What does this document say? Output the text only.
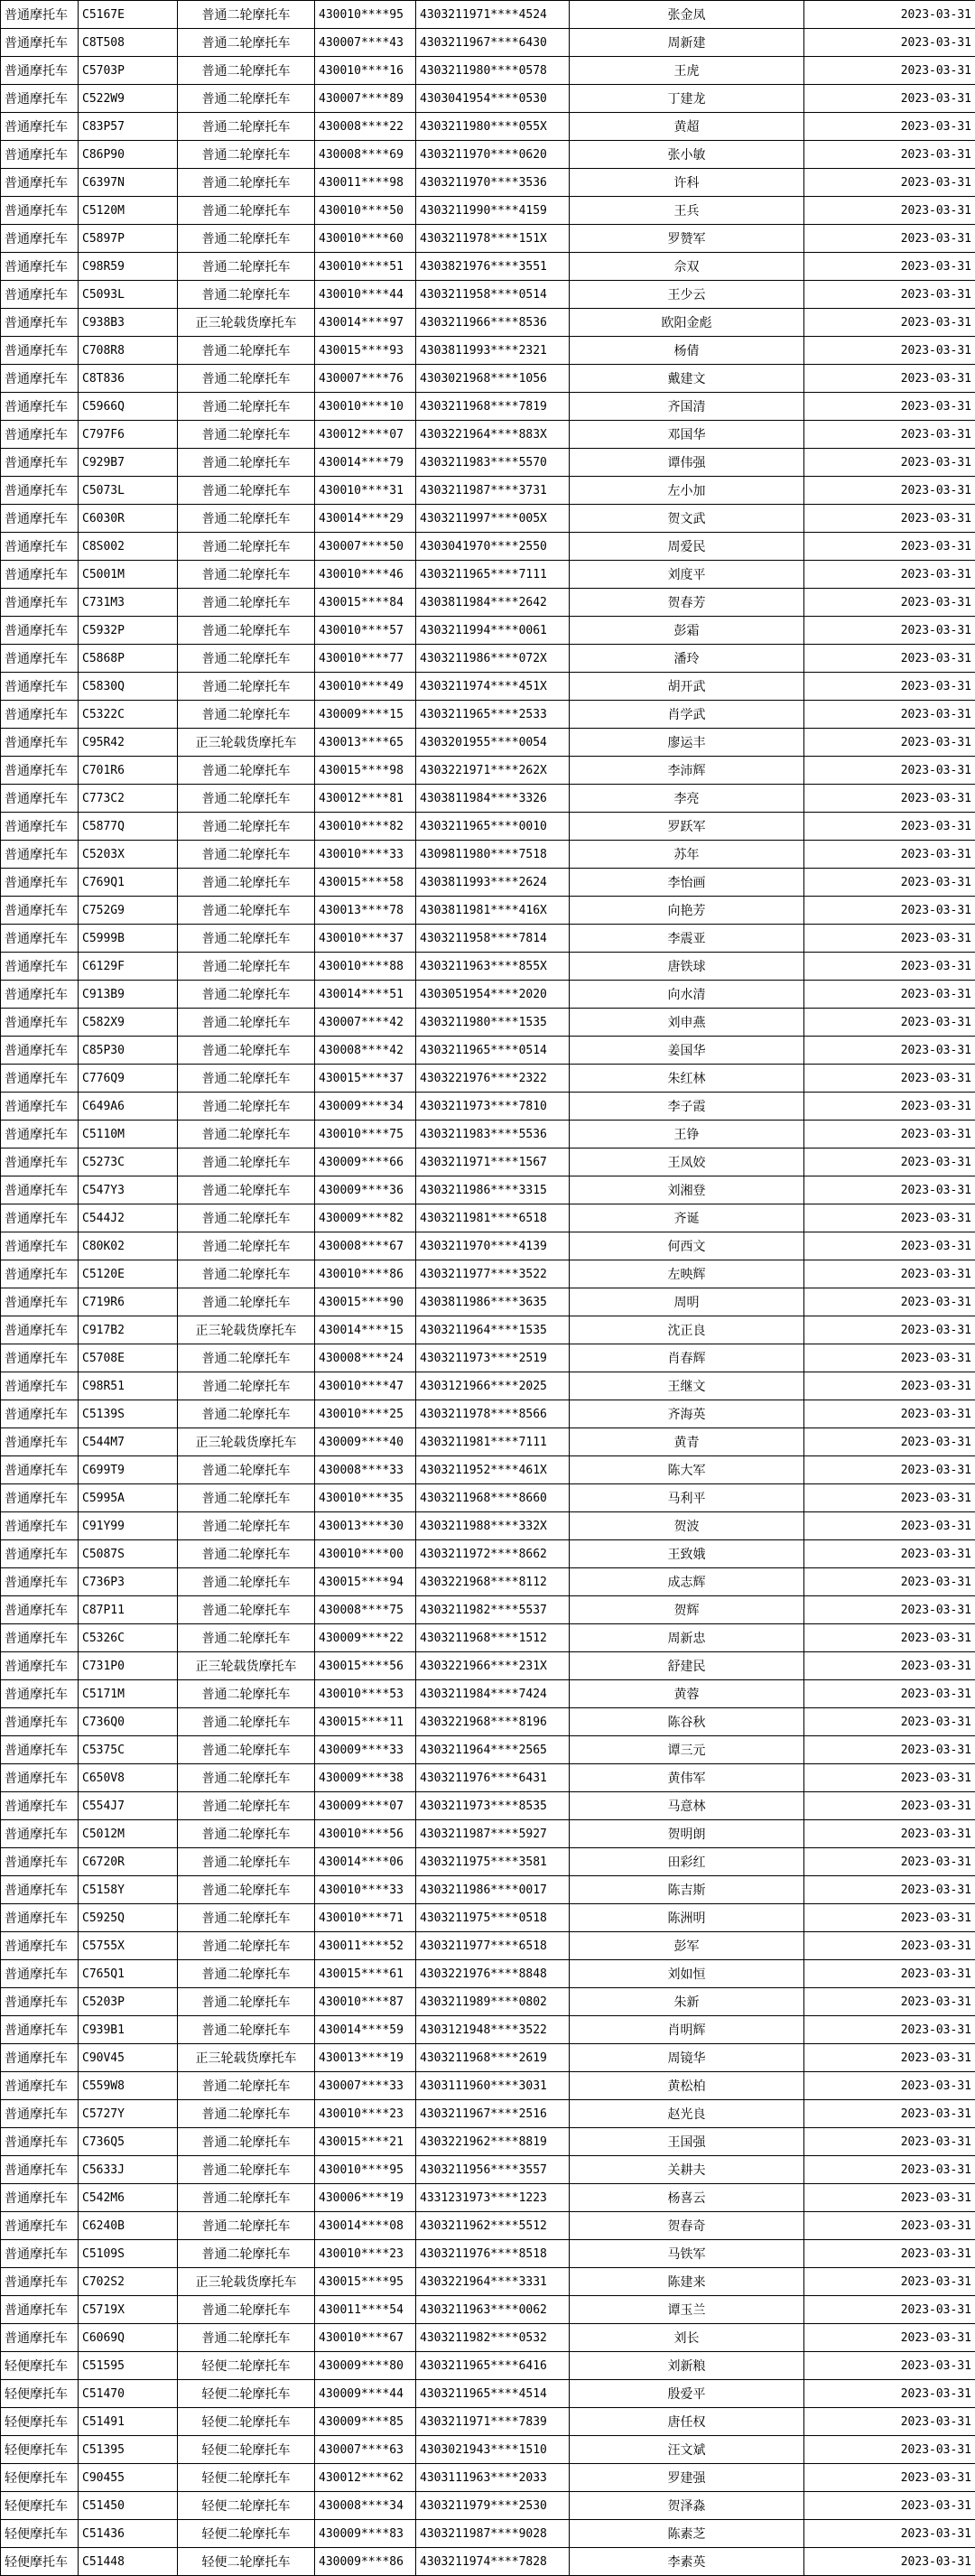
普通摩托车	C5167E	普通二轮摩托车	430010****95	4303211971****4524	张金凤	2023-03-31
普通摩托车	C8T508	普通二轮摩托车	430007****43	4303211967****6430	周新建	2023-03-31
普通摩托车	C5703P	普通二轮摩托车	430010****16	4303211980****0578	王虎	2023-03-31
普通摩托车	C522W9	普通二轮摩托车	430007****89	4303041954****0530	丁建龙	2023-03-31
普通摩托车	C83P57	普通二轮摩托车	430008****22	4303211980****055X	黄超	2023-03-31
普通摩托车	C86P90	普通二轮摩托车	430008****69	4303211970****0620	张小敏	2023-03-31
普通摩托车	C6397N	普通二轮摩托车	430011****98	4303211970****3536	许科	2023-03-31
普通摩托车	C5120M	普通二轮摩托车	430010****50	4303211990****4159	王兵	2023-03-31
普通摩托车	C5897P	普通二轮摩托车	430010****60	4303211978****151X	罗赞军	2023-03-31
普通摩托车	C98R59	普通二轮摩托车	430010****51	4303821976****3551	佘双	2023-03-31
普通摩托车	C5093L	普通二轮摩托车	430010****44	4303211958****0514	王少云	2023-03-31
普通摩托车	C938B3	正三轮载货摩托车	430014****97	4303211966****8536	欧阳金彪	2023-03-31
普通摩托车	C708R8	普通二轮摩托车	430015****93	4303811993****2321	杨倩	2023-03-31
普通摩托车	C8T836	普通二轮摩托车	430007****76	4303021968****1056	戴建文	2023-03-31
普通摩托车	C5966Q	普通二轮摩托车	430010****10	4303211968****7819	齐国清	2023-03-31
普通摩托车	C797F6	普通二轮摩托车	430012****07	4303221964****883X	邓国华	2023-03-31
普通摩托车	C929B7	普通二轮摩托车	430014****79	4303211983****5570	谭伟强	2023-03-31
普通摩托车	C5073L	普通二轮摩托车	430010****31	4303211987****3731	左小加	2023-03-31
普通摩托车	C6030R	普通二轮摩托车	430014****29	4303211997****005X	贺文武	2023-03-31
普通摩托车	C8S002	普通二轮摩托车	430007****50	4303041970****2550	周爱民	2023-03-31
普通摩托车	C5001M	普通二轮摩托车	430010****46	4303211965****7111	刘度平	2023-03-31
普通摩托车	C731M3	普通二轮摩托车	430015****84	4303811984****2642	贺春芳	2023-03-31
普通摩托车	C5932P	普通二轮摩托车	430010****57	4303211994****0061	彭霜	2023-03-31
普通摩托车	C5868P	普通二轮摩托车	430010****77	4303211986****072X	潘玲	2023-03-31
普通摩托车	C5830Q	普通二轮摩托车	430010****49	4303211974****451X	胡开武	2023-03-31
普通摩托车	C5322C	普通二轮摩托车	430009****15	4303211965****2533	肖学武	2023-03-31
普通摩托车	C95R42	正三轮载货摩托车	430013****65	4303201955****0054	廖运丰	2023-03-31
普通摩托车	C701R6	普通二轮摩托车	430015****98	4303221971****262X	李沛辉	2023-03-31
普通摩托车	C773C2	普通二轮摩托车	430012****81	4303811984****3326	李亮	2023-03-31
普通摩托车	C5877Q	普通二轮摩托车	430010****82	4303211965****0010	罗跃军	2023-03-31
普通摩托车	C5203X	普通二轮摩托车	430010****33	4309811980****7518	苏年	2023-03-31
普通摩托车	C769Q1	普通二轮摩托车	430015****58	4303811993****2624	李怡画	2023-03-31
普通摩托车	C752G9	普通二轮摩托车	430013****78	4303811981****416X	向艳芳	2023-03-31
普通摩托车	C5999B	普通二轮摩托车	430010****37	4303211958****7814	李震亚	2023-03-31
普通摩托车	C6129F	普通二轮摩托车	430010****88	4303211963****855X	唐铁球	2023-03-31
普通摩托车	C913B9	普通二轮摩托车	430014****51	4303051954****2020	向水清	2023-03-31
普通摩托车	C582X9	普通二轮摩托车	430007****42	4303211980****1535	刘申燕	2023-03-31
普通摩托车	C85P30	普通二轮摩托车	430008****42	4303211965****0514	姜国华	2023-03-31
普通摩托车	C776Q9	普通二轮摩托车	430015****37	4303221976****2322	朱红林	2023-03-31
普通摩托车	C649A6	普通二轮摩托车	430009****34	4303211973****7810	李子霞	2023-03-31
普通摩托车	C5110M	普通二轮摩托车	430010****75	4303211983****5536	王铮	2023-03-31
普通摩托车	C5273C	普通二轮摩托车	430009****66	4303211971****1567	王凤姣	2023-03-31
普通摩托车	C547Y3	普通二轮摩托车	430009****36	4303211986****3315	刘湘登	2023-03-31
普通摩托车	C544J2	普通二轮摩托车	430009****82	4303211981****6518	齐诞	2023-03-31
普通摩托车	C80K02	普通二轮摩托车	430008****67	4303211970****4139	何西文	2023-03-31
普通摩托车	C5120E	普通二轮摩托车	430010****86	4303211977****3522	左映辉	2023-03-31
普通摩托车	C719R6	普通二轮摩托车	430015****90	4303811986****3635	周明	2023-03-31
普通摩托车	C917B2	正三轮载货摩托车	430014****15	4303211964****1535	沈正良	2023-03-31
普通摩托车	C5708E	普通二轮摩托车	430008****24	4303211973****2519	肖春辉	2023-03-31
普通摩托车	C98R51	普通二轮摩托车	430010****47	4303121966****2025	王继文	2023-03-31
普通摩托车	C5139S	普通二轮摩托车	430010****25	4303211978****8566	齐海英	2023-03-31
普通摩托车	C544M7	正三轮载货摩托车	430009****40	4303211981****7111	黄青	2023-03-31
普通摩托车	C699T9	普通二轮摩托车	430008****33	4303211952****461X	陈大军	2023-03-31
普通摩托车	C5995A	普通二轮摩托车	430010****35	4303211968****8660	马利平	2023-03-31
普通摩托车	C91Y99	普通二轮摩托车	430013****30	4303211988****332X	贺波	2023-03-31
普通摩托车	C5087S	普通二轮摩托车	430010****00	4303211972****8662	王致娥	2023-03-31
普通摩托车	C736P3	普通二轮摩托车	430015****94	4303221968****8112	成志辉	2023-03-31
普通摩托车	C87P11	普通二轮摩托车	430008****75	4303211982****5537	贺辉	2023-03-31
普通摩托车	C5326C	普通二轮摩托车	430009****22	4303211968****1512	周新忠	2023-03-31
普通摩托车	C731P0	正三轮载货摩托车	430015****56	4303221966****231X	舒建民	2023-03-31
普通摩托车	C5171M	普通二轮摩托车	430010****53	4303211984****7424	黄蓉	2023-03-31
普通摩托车	C736Q0	普通二轮摩托车	430015****11	4303221968****8196	陈谷秋	2023-03-31
普通摩托车	C5375C	普通二轮摩托车	430009****33	4303211964****2565	谭三元	2023-03-31
普通摩托车	C650V8	普通二轮摩托车	430009****38	4303211976****6431	黄伟军	2023-03-31
普通摩托车	C554J7	普通二轮摩托车	430009****07	4303211973****8535	马意林	2023-03-31
普通摩托车	C5012M	普通二轮摩托车	430010****56	4303211987****5927	贺明朗	2023-03-31
普通摩托车	C6720R	普通二轮摩托车	430014****06	4303211975****3581	田彩红	2023-03-31
普通摩托车	C5158Y	普通二轮摩托车	430010****33	4303211986****0017	陈吉斯	2023-03-31
普通摩托车	C5925Q	普通二轮摩托车	430010****71	4303211975****0518	陈洲明	2023-03-31
普通摩托车	C5755X	普通二轮摩托车	430011****52	4303211977****6518	彭军	2023-03-31
普通摩托车	C765Q1	普通二轮摩托车	430015****61	4303221976****8848	刘如恒	2023-03-31
普通摩托车	C5203P	普通二轮摩托车	430010****87	4303211989****0802	朱新	2023-03-31
普通摩托车	C939B1	普通二轮摩托车	430014****59	4303121948****3522	肖明辉	2023-03-31
普通摩托车	C90V45	正三轮载货摩托车	430013****19	4303211968****2619	周镜华	2023-03-31
普通摩托车	C559W8	普通二轮摩托车	430007****33	4303111960****3031	黄松柏	2023-03-31
普通摩托车	C5727Y	普通二轮摩托车	430010****23	4303211967****2516	赵光良	2023-03-31
普通摩托车	C736Q5	普通二轮摩托车	430015****21	4303221962****8819	王国强	2023-03-31
普通摩托车	C5633J	普通二轮摩托车	430010****95	4303211956****3557	关耕夫	2023-03-31
普通摩托车	C542M6	普通二轮摩托车	430006****19	4331231973****1223	杨喜云	2023-03-31
普通摩托车	C6240B	普通二轮摩托车	430014****08	4303211962****5512	贺春奇	2023-03-31
普通摩托车	C5109S	普通二轮摩托车	430010****23	4303211976****8518	马铁军	2023-03-31
普通摩托车	C702S2	正三轮载货摩托车	430015****95	4303221964****3331	陈建来	2023-03-31
普通摩托车	C5719X	普通二轮摩托车	430011****54	4303211963****0062	谭玉兰	2023-03-31
普通摩托车	C6069Q	普通二轮摩托车	430010****67	4303211982****0532	刘长	2023-03-31
轻便摩托车	C51595	轻便二轮摩托车	430009****80	4303211965****6416	刘新粮	2023-03-31
轻便摩托车	C51470	轻便二轮摩托车	430009****44	4303211965****4514	殷爱平	2023-03-31
轻便摩托车	C51491	轻便二轮摩托车	430009****85	4303211971****7839	唐任权	2023-03-31
轻便摩托车	C51395	轻便二轮摩托车	430007****63	4303021943****1510	汪文斌	2023-03-31
轻便摩托车	C90455	轻便二轮摩托车	430012****62	4303111963****2033	罗建强	2023-03-31
轻便摩托车	C51450	轻便二轮摩托车	430008****34	4303211979****2530	贺泽淼	2023-03-31
轻便摩托车	C51436	轻便二轮摩托车	430009****83	4303211987****9028	陈素芝	2023-03-31
轻便摩托车	C51448	轻便二轮摩托车	430009****86	4303211974****7828	李素英	2023-03-31
